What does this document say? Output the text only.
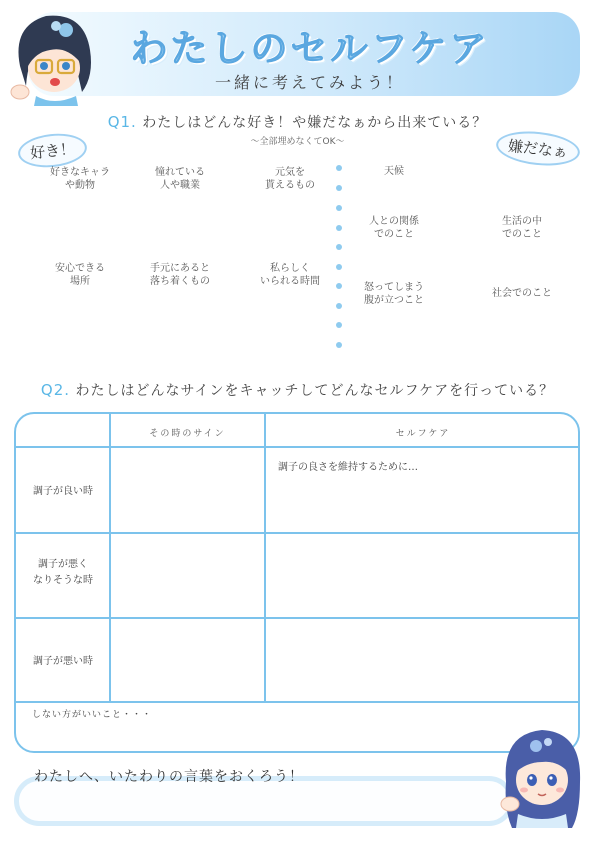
わたしのセルフケア
一緒に考えてみよう！
Q1. わたしはどんな好き！や嫌だなぁから出来ている？
〜全部埋めなくてOK〜
好き！	嫌だなぁ
好きなキャラ
や動物
憧れている
人や職業
元気を
貰えるもの
安心できる
場所
手元にあると
落ち着くもの
私らしく
いられる時間
天候
人との関係
でのこと
生活の中
でのこと
怒ってしまう
腹が立つこと
社会でのこと
Q2. わたしはどんなサインをキャッチしてどんなセルフケアを行っている？
その時のサイン	セルフケア
調子が良い時
調子が悪く
なりそうな時
調子が悪い時
調子の良さを維持するために…
しない方がいいこと・・・
わたしへ、いたわりの言葉をおくろう！
